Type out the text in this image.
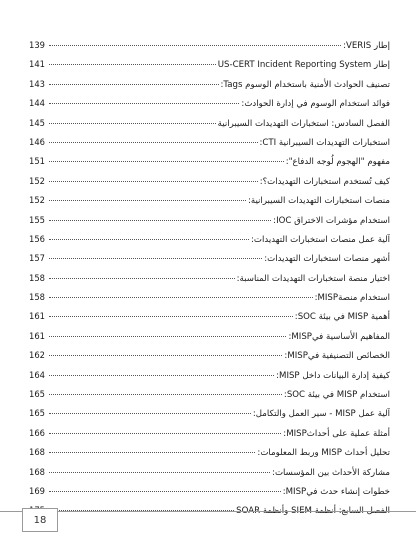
إطار VERIS:
139
إطار US-CERT Incident Reporting System
141
تصنيف الحوادث الأمنية باستخدام الوسوم Tags:
143
فوائد استخدام الوسوم في إدارة الحوادث:
144
الفصل السادس: استخبارات التهديدات السيبرانية
145
استخبارات التهديدات السيبرانية CTI:
146
مفهوم "الهجوم لُوجه الدفاع":
151
كيف تُستخدم استخبارات التهديدات؟:
152
منصات استخبارات التهديدات السيبرانية:
152
استخدام مؤشرات الاختراق IOC:
155
آلية عمل منصات استخبارات التهديدات:
156
أشهر منصات استخبارات التهديدات:
157
اختيار منصة استخبارات التهديدات المناسبة:
158
استخدام منصةMISP:
158
أهمية MISP في بيئة SOC:
161
المفاهيم الأساسية فيMISP:
161
الخصائص التصنيفية فيMISP:
162
كيفية إدارة البيانات داخل MISP:
164
استخدام MISP في بيئة SOC:
165
آلية عمل MISP - سير العمل والتكامل:
165
أمثلة عملية على أحداثMISP:
166
تحليل أحداث MISP وربط المعلومات:
168
مشاركة الأحداث بين المؤسسات:
168
خطوات إنشاء حدث فيMISP:
169
الفصل السابع: أنظمة SIEM وأنظمة SOAR
18
